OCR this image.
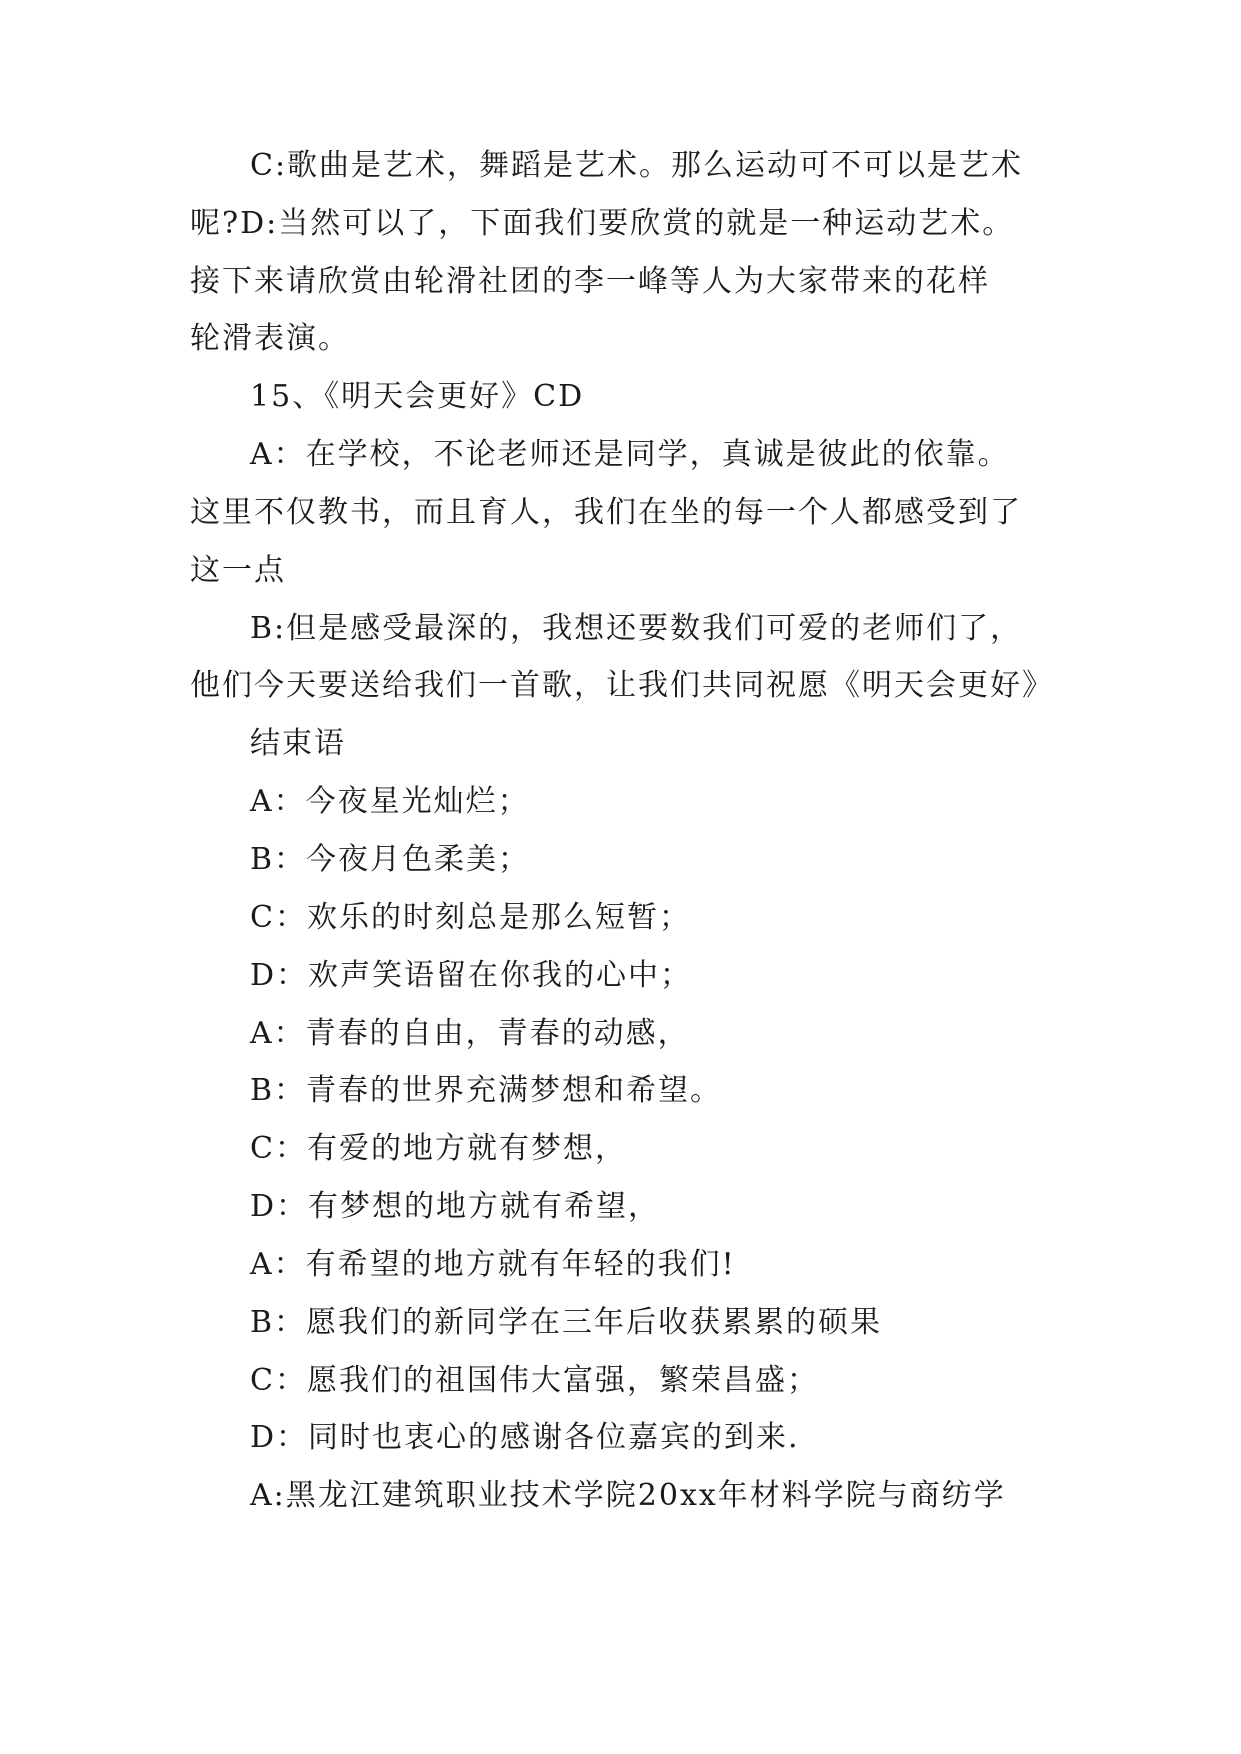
C:歌曲是艺术，舞蹈是艺术。那么运动可不可以是艺术
呢?D:当然可以了，下面我们要欣赏的就是一种运动艺术。
接下来请欣赏由轮滑社团的李一峰等人为大家带来的花样
轮滑表演。
15、《明天会更好》CD
A：在学校，不论老师还是同学，真诚是彼此的依靠。
这里不仅教书，而且育人，我们在坐的每一个人都感受到了
这一点
B:但是感受最深的，我想还要数我们可爱的老师们了，
他们今天要送给我们一首歌，让我们共同祝愿《明天会更好》
结束语
A：今夜星光灿烂；
B：今夜月色柔美；
C：欢乐的时刻总是那么短暂；
D：欢声笑语留在你我的心中；
A：青春的自由，青春的动感，
B：青春的世界充满梦想和希望。
C：有爱的地方就有梦想，
D：有梦想的地方就有希望，
A：有希望的地方就有年轻的我们!
B：愿我们的新同学在三年后收获累累的硕果
C：愿我们的祖国伟大富强，繁荣昌盛；
D：同时也衷心的感谢各位嘉宾的到来.
A:黑龙江建筑职业技术学院20xx年材料学院与商纺学
